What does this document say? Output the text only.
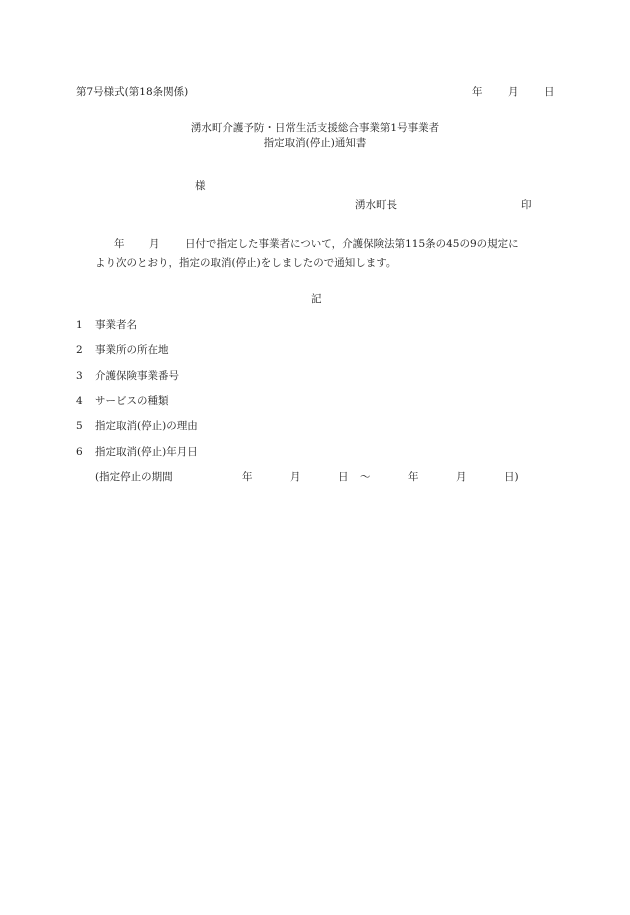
第7号様式(第18条関係)	年 月 日
湧水町介護予防・日常生活支援総合事業第1号事業者
指定取消(停止)通知書
様
湧水町長	印
年 月 日付で指定した事業者について，介護保険法第115条の45の9の規定に
より次のとおり，指定の取消(停止)をしましたので通知します。
記
1 事業者名
2 事業所の所在地
3 介護保険事業番号
4 サービスの種類
5 指定取消(停止)の理由
6 指定取消(停止)年月日
(指定停止の期間	年	月	日 〜	年	月	日)
